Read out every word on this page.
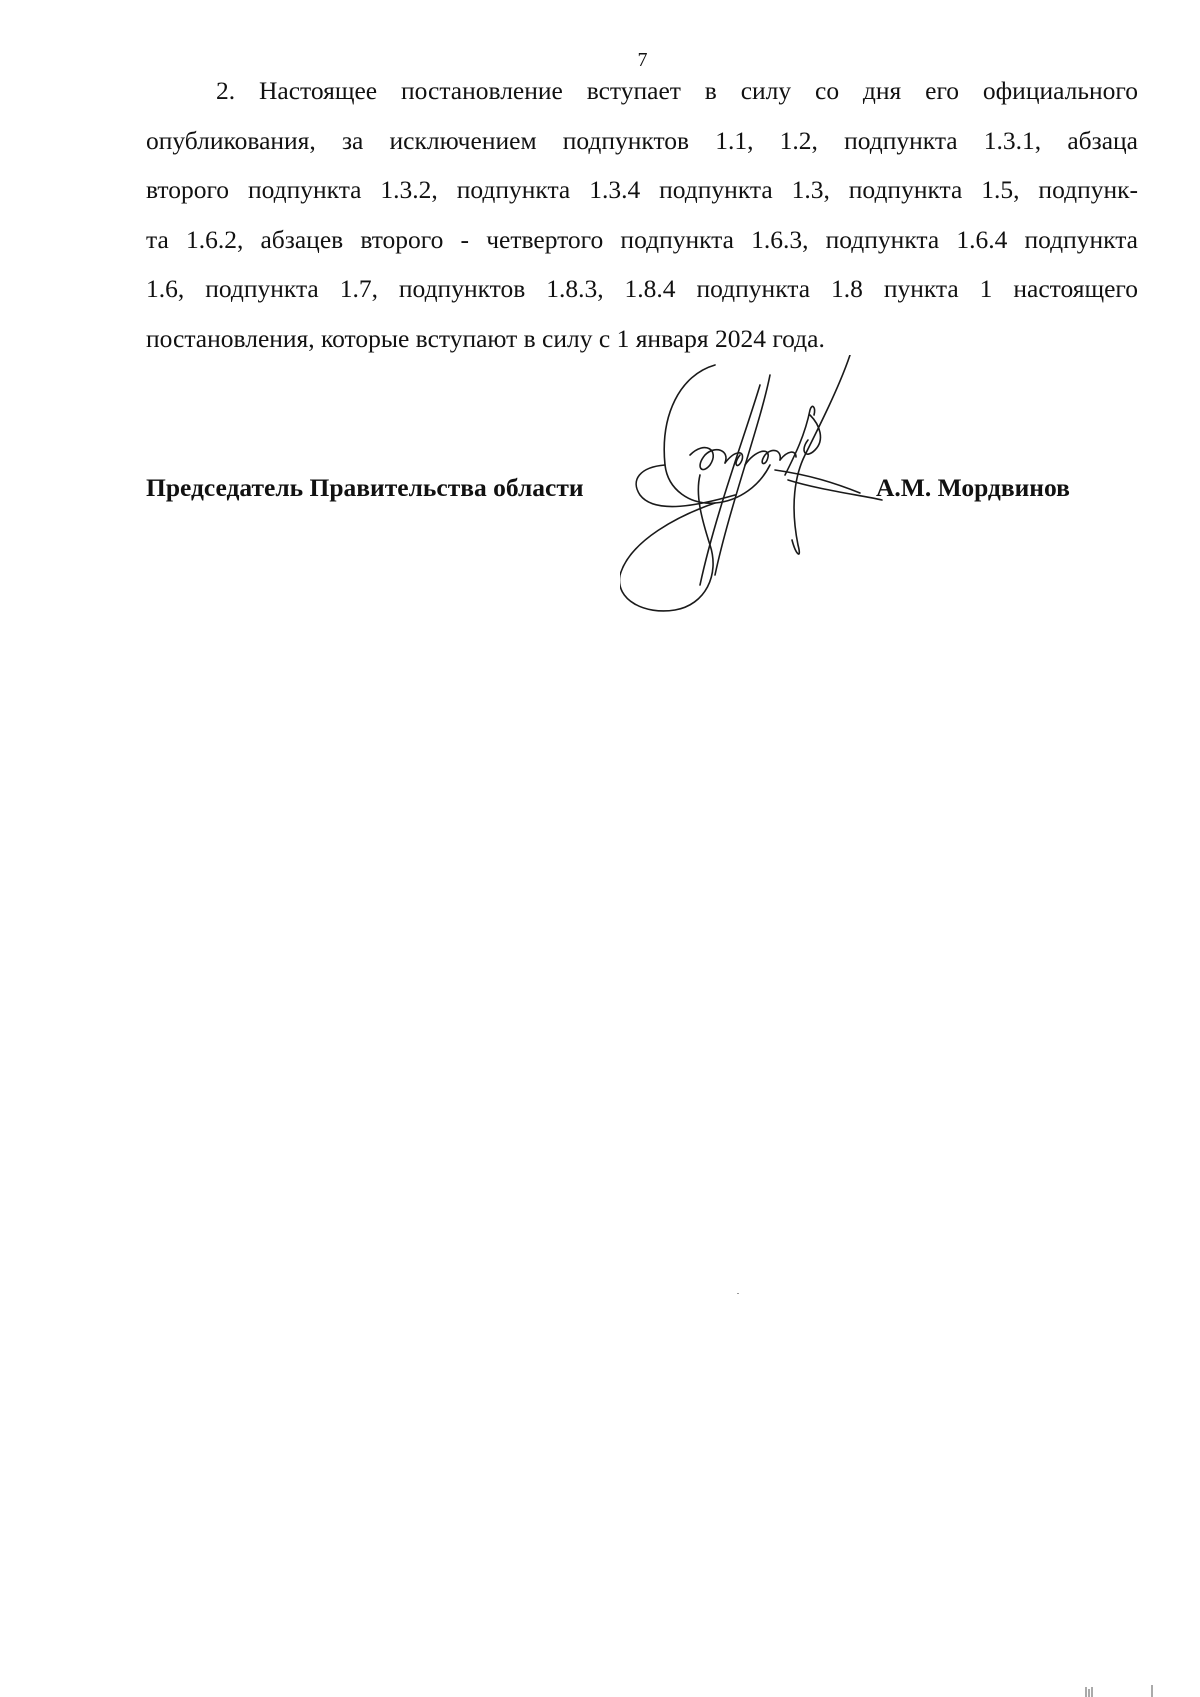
7

2. Настоящее постановление вступает в силу со дня его официального
опубликования, за исключением подпунктов 1.1, 1.2, подпункта 1.3.1, абзаца
второго подпункта 1.3.2, подпункта 1.3.4 подпункта 1.3, подпункта 1.5, подпунк-
та 1.6.2, абзацев второго - четвертого подпункта 1.6.3, подпункта 1.6.4 подпункта
1.6, подпункта 1.7, подпунктов 1.8.3, 1.8.4 подпункта 1.8 пункта 1 настоящего
постановления, которые вступают в силу с 1 января 2024 года.

Председатель Правительства области	А.М. Мордвинов
